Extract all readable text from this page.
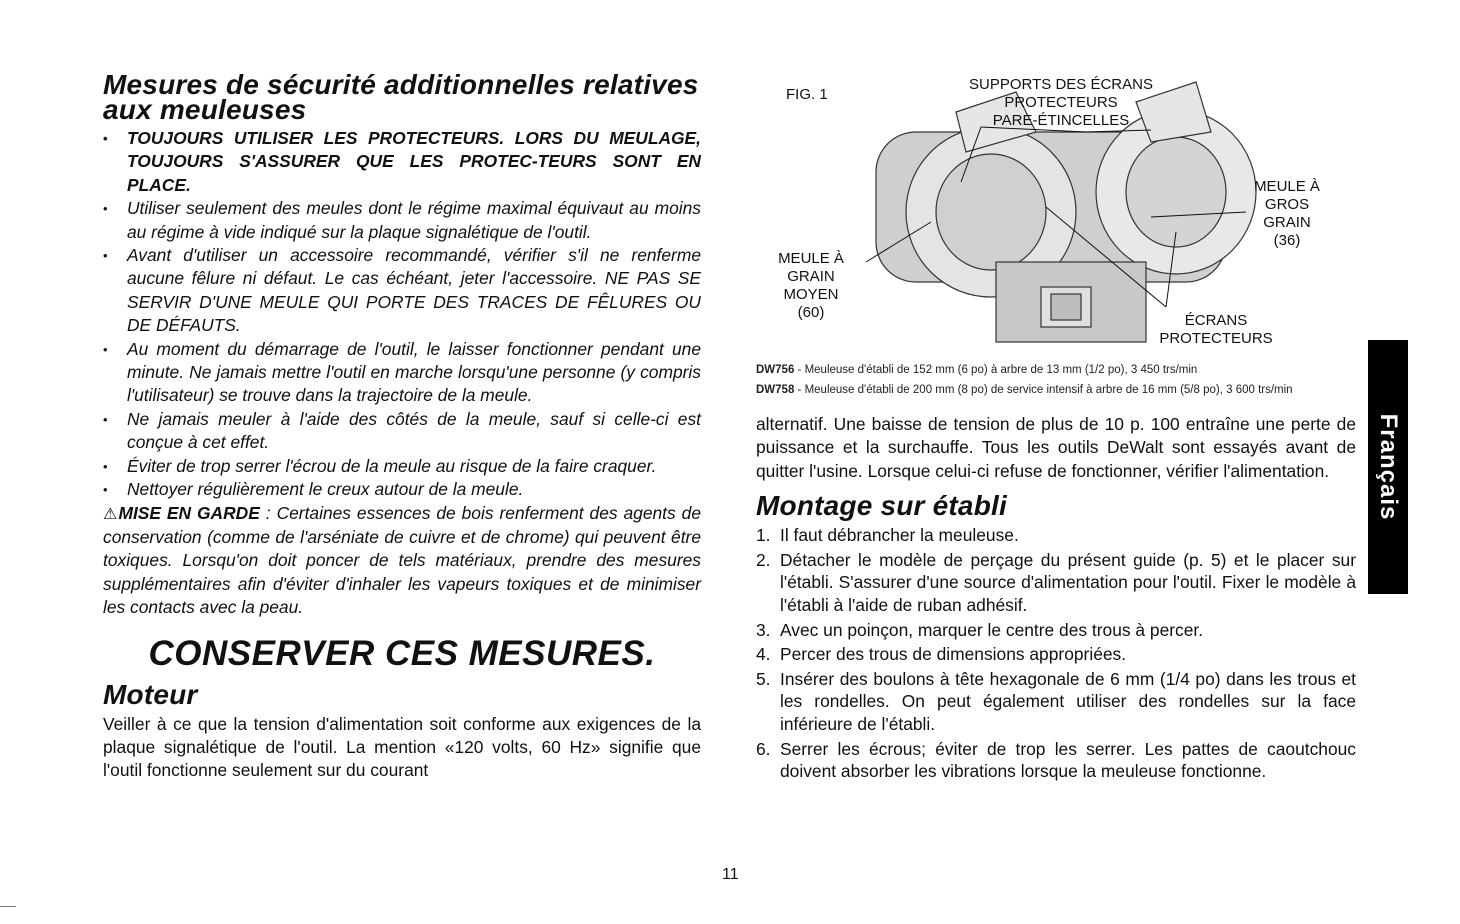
Mesures de sécurité additionnelles relatives aux meuleuses
• TOUJOURS UTILISER LES PROTECTEURS. LORS DU MEULAGE, TOUJOURS S'ASSURER QUE LES PROTEC-TEURS SONT EN PLACE.
• Utiliser seulement des meules dont le régime maximal équivaut au moins au régime à vide indiqué sur la plaque signalétique de l'outil.
• Avant d'utiliser un accessoire recommandé, vérifier s'il ne renferme aucune fêlure ni défaut. Le cas échéant, jeter l'accessoire. NE PAS SE SERVIR D'UNE MEULE QUI PORTE DES TRACES DE FÊLURES OU DE DÉFAUTS.
• Au moment du démarrage de l'outil, le laisser fonctionner pendant une minute. Ne jamais mettre l'outil en marche lorsqu'une personne (y compris l'utilisateur) se trouve dans la trajectoire de la meule.
• Ne jamais meuler à l'aide des côtés de la meule, sauf si celle-ci est conçue à cet effet.
• Éviter de trop serrer l'écrou de la meule au risque de la faire craquer.
• Nettoyer régulièrement le creux autour de la meule.

⚠MISE EN GARDE : Certaines essences de bois renferment des agents de conservation (comme de l'arséniate de cuivre et de chrome) qui peuvent être toxiques. Lorsqu'on doit poncer de tels matériaux, prendre des mesures supplémentaires afin d'éviter d'inhaler les vapeurs toxiques et de minimiser les contacts avec la peau.

CONSERVER CES MESURES.
Moteur

Veiller à ce que la tension d'alimentation soit conforme aux exigences de la plaque signalétique de l'outil. La mention «120 volts, 60 Hz» signifie que l'outil fonctionne seulement sur du courant

FIG. 1
SUPPORTS DES ÉCRANS
PROTECTEURS
PARE-ÉTINCELLES
MEULE À
GRAIN
MOYEN
(60)
MEULE À
GROS
GRAIN
(36)
ÉCRANS
PROTECTEURS

DW756 - Meuleuse d'établi de 152 mm (6 po) à arbre de 13 mm (1/2 po), 3 450 trs/min

DW758 - Meuleuse d'établi de 200 mm (8 po) de service intensif à arbre de 16 mm (5/8 po), 3 600 trs/min

alternatif. Une baisse de tension de plus de 10 p. 100 entraîne une perte de puissance et la surchauffe. Tous les outils DeWalt sont essayés avant de quitter l'usine. Lorsque celui-ci refuse de fonctionner, vérifier l'alimentation.

Montage sur établi
1. Il faut débrancher la meuleuse.
2. Détacher le modèle de perçage du présent guide (p. 5) et le placer sur l'établi. S'assurer d'une source d'alimentation pour l'outil. Fixer le modèle à l'établi à l'aide de ruban adhésif.
3. Avec un poinçon, marquer le centre des trous à percer.
4. Percer des trous de dimensions appropriées.
5. Insérer des boulons à tête hexagonale de 6 mm (1/4 po) dans les trous et les rondelles. On peut également utiliser des rondelles sur la face inférieure de l'établi.
6. Serrer les écrous; éviter de trop les serrer. Les pattes de caoutchouc doivent absorber les vibrations lorsque la meuleuse fonctionne.
11
Français
